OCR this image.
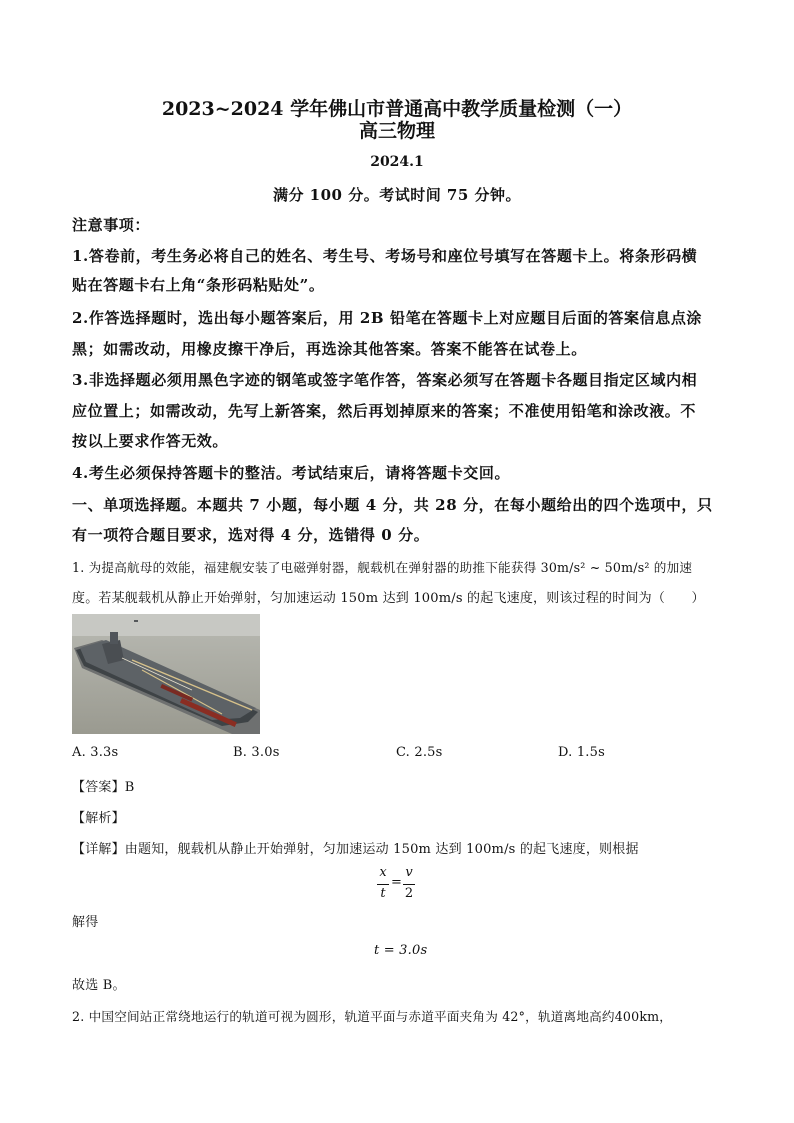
2023~2024 学年佛山市普通高中教学质量检测（一）
高三物理
2024.1
满分 100 分。考试时间 75 分钟。
注意事项：
1.答卷前，考生务必将自己的姓名、考生号、考场号和座位号填写在答题卡上。将条形码横
贴在答题卡右上角“条形码粘贴处”。
2.作答选择题时，选出每小题答案后，用 2B 铅笔在答题卡上对应题目后面的答案信息点涂
黑；如需改动，用橡皮擦干净后，再选涂其他答案。答案不能答在试卷上。
3.非选择题必须用黑色字迹的钢笔或签字笔作答，答案必须写在答题卡各题目指定区域内相
应位置上；如需改动，先写上新答案，然后再划掉原来的答案；不准使用铅笔和涂改液。不
按以上要求作答无效。
4.考生必须保持答题卡的整洁。考试结束后，请将答题卡交回。
一、单项选择题。本题共 7 小题，每小题 4 分，共 28 分，在每小题给出的四个选项中，只
有一项符合题目要求，选对得 4 分，选错得 0 分。
1. 为提高航母的效能，福建舰安装了电磁弹射器，舰载机在弹射器的助推下能获得 30m/s² ~ 50m/s² 的加速
度。若某舰载机从静止开始弹射，匀加速运动 150m 达到 100m/s 的起飞速度，则该过程的时间为（　　）
A. 3.3s	B. 3.0s	C. 2.5s	D. 1.5s
【答案】B
【解析】
【详解】由题知，舰载机从静止开始弹射，匀加速运动 150m 达到 100m/s 的起飞速度，则根据
x
t
=
v
2
解得
t = 3.0s
故选 B。
2. 中国空间站正常绕地运行的轨道可视为圆形，轨道平面与赤道平面夹角为 42°，轨道离地高约400km，
